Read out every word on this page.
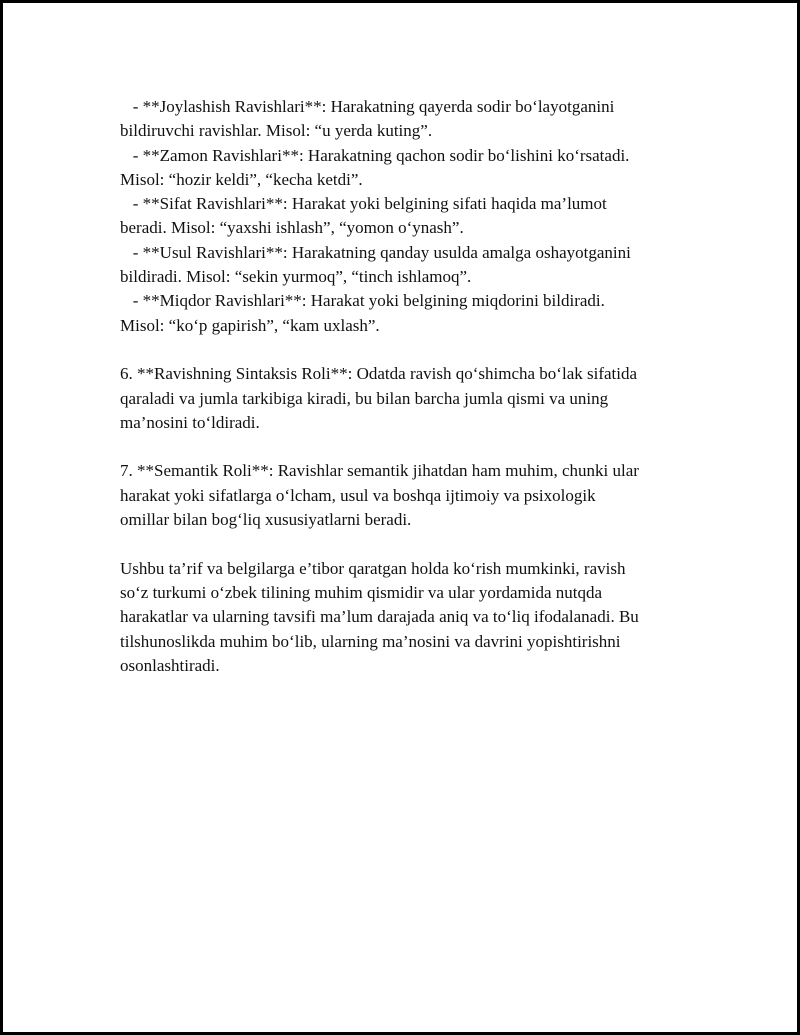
- **Joylashish Ravishlari**: Harakatning qayerda sodir bo‘layotganini
bildiruvchi ravishlar. Misol: “u yerda kuting”.
- **Zamon Ravishlari**: Harakatning qachon sodir bo‘lishini ko‘rsatadi.
Misol: “hozir keldi”, “kecha ketdi”.
- **Sifat Ravishlari**: Harakat yoki belgining sifati haqida ma’lumot
beradi. Misol: “yaxshi ishlash”, “yomon o‘ynash”.
- **Usul Ravishlari**: Harakatning qanday usulda amalga oshayotganini
bildiradi. Misol: “sekin yurmoq”, “tinch ishlamoq”.
- **Miqdor Ravishlari**: Harakat yoki belgining miqdorini bildiradi.
Misol: “ko‘p gapirish”, “kam uxlash”.
6. **Ravishning Sintaksis Roli**: Odatda ravish qo‘shimcha bo‘lak sifatida
qaraladi va jumla tarkibiga kiradi, bu bilan barcha jumla qismi va uning
ma’nosini to‘ldiradi.
7. **Semantik Roli**: Ravishlar semantik jihatdan ham muhim, chunki ular
harakat yoki sifatlarga o‘lcham, usul va boshqa ijtimoiy va psixologik
omillar bilan bog‘liq xususiyatlarni beradi.
Ushbu ta’rif va belgilarga e’tibor qaratgan holda ko‘rish mumkinki, ravish
so‘z turkumi o‘zbek tilining muhim qismidir va ular yordamida nutqda
harakatlar va ularning tavsifi ma’lum darajada aniq va to‘liq ifodalanadi. Bu
tilshunoslikda muhim bo‘lib, ularning ma’nosini va davrini yopishtirishni
osonlashtiradi.
